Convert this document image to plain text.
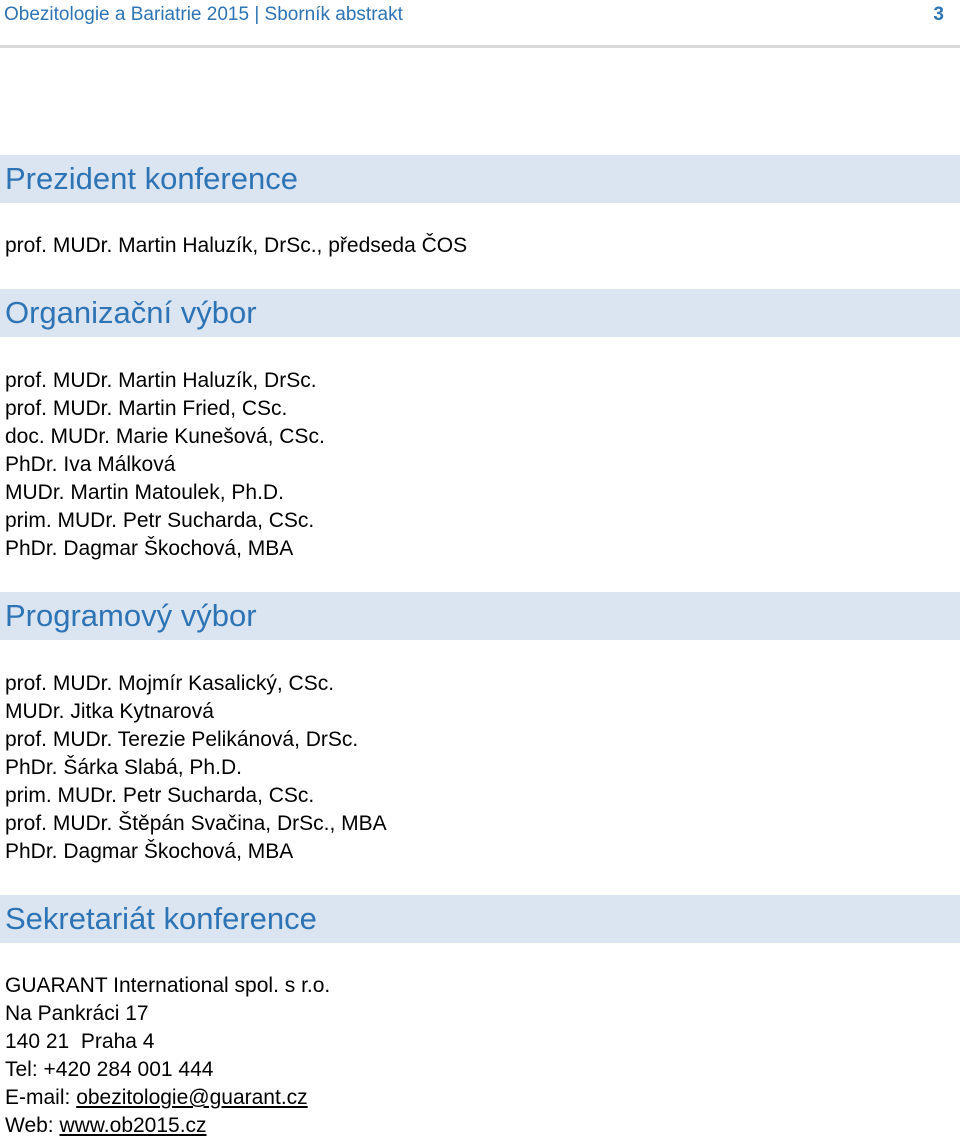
Obezitologie a Bariatrie 2015 | Sborník abstrakt	3
Prezident konference
prof. MUDr. Martin Haluzík, DrSc., předseda ČOS
Organizační výbor
prof. MUDr. Martin Haluzík, DrSc.
prof. MUDr. Martin Fried, CSc.
doc. MUDr. Marie Kunešová, CSc.
PhDr. Iva Málková
MUDr. Martin Matoulek, Ph.D.
prim. MUDr. Petr Sucharda, CSc.
PhDr. Dagmar Škochová, MBA
Programový výbor
prof. MUDr. Mojmír Kasalický, CSc.
MUDr. Jitka Kytnarová
prof. MUDr. Terezie Pelikánová, DrSc.
PhDr. Šárka Slabá, Ph.D.
prim. MUDr. Petr Sucharda, CSc.
prof. MUDr. Štěpán Svačina, DrSc., MBA
PhDr. Dagmar Škochová, MBA
Sekretariát konference
GUARANT International spol. s r.o.
Na Pankráci 17
140 21  Praha 4
Tel: +420 284 001 444
E-mail: obezitologie@guarant.cz
Web: www.ob2015.cz
